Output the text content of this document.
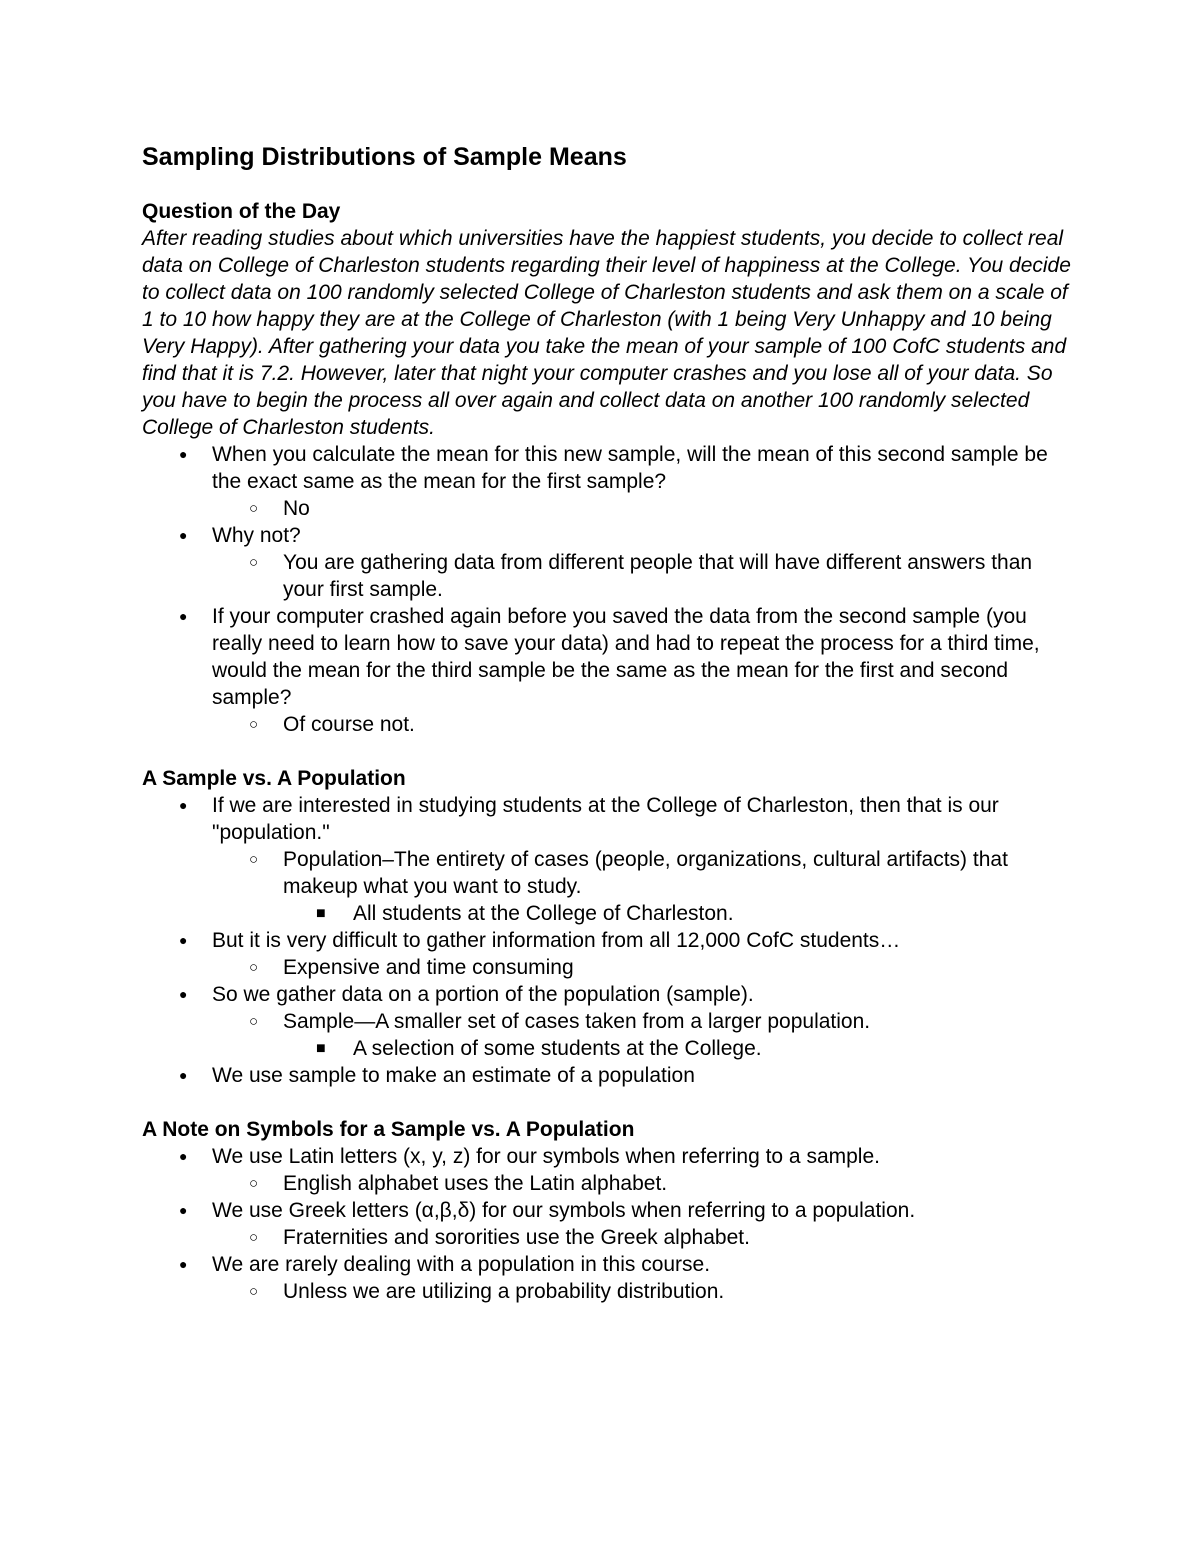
Sampling Distributions of Sample Means
Question of the Day

After reading studies about which universities have the happiest students, you decide to collect real data on College of Charleston students regarding their level of happiness at the College. You decide to collect data on 100 randomly selected College of Charleston students and ask them on a scale of 1 to 10 how happy they are at the College of Charleston (with 1 being Very Unhappy and 10 being Very Happy). After gathering your data you take the mean of your sample of 100 CofC students and find that it is 7.2. However, later that night your computer crashes and you lose all of your data. So you have to begin the process all over again and collect data on another 100 randomly selected College of Charleston students.

● When you calculate the mean for this new sample, will the mean of this second sample be the exact same as the mean for the first sample?
○ No
● Why not?
○ You are gathering data from different people that will have different answers than your first sample.
● If your computer crashed again before you saved the data from the second sample (you really need to learn how to save your data) and had to repeat the process for a third time, would the mean for the third sample be the same as the mean for the first and second sample?
○ Of course not.
A Sample vs. A Population
● If we are interested in studying students at the College of Charleston, then that is our "population."
○ Population–The entirety of cases (people, organizations, cultural artifacts) that makeup what you want to study.
■ All students at the College of Charleston.
● But it is very difficult to gather information from all 12,000 CofC students…
○ Expensive and time consuming
● So we gather data on a portion of the population (sample).
○ Sample—A smaller set of cases taken from a larger population.
■ A selection of some students at the College.
● We use sample to make an estimate of a population
A Note on Symbols for a Sample vs. A Population
● We use Latin letters (x, y, z) for our symbols when referring to a sample.
○ English alphabet uses the Latin alphabet.
● We use Greek letters (α,β,δ) for our symbols when referring to a population.
○ Fraternities and sororities use the Greek alphabet.
● We are rarely dealing with a population in this course.
○ Unless we are utilizing a probability distribution.
